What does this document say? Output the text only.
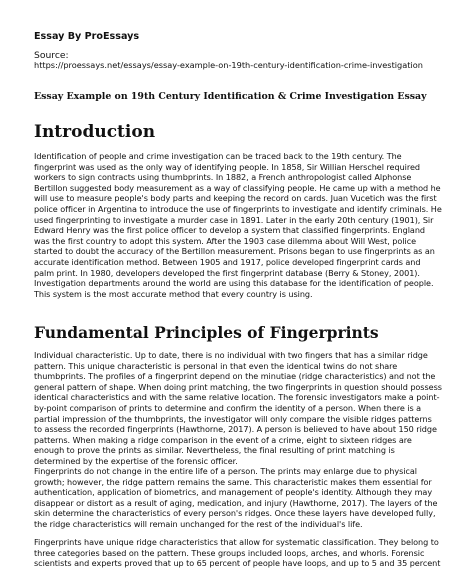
Essay By ProEssays

Source:

https://proessays.net/essays/essay-example-on-19th-century-identification-crime-investigation

Essay Example on 19th Century Identification & Crime Investigation Essay

Introduction

Identification of people and crime investigation can be traced back to the 19th century. The fingerprint was used as the only way of identifying people. In 1858, Sir Willian Herschel required workers to sign contracts using thumbprints. In 1882, a French anthropologist called Alphonse Bertillon suggested body measurement as a way of classifying people. He came up with a method he will use to measure people's body parts and keeping the record on cards. Juan Vucetich was the first police officer in Argentina to introduce the use of fingerprints to investigate and identify criminals. He used fingerprinting to investigate a murder case in 1891. Later in the early 20th century (1901), Sir Edward Henry was the first police officer to develop a system that classified fingerprints. England was the first country to adopt this system. After the 1903 case dilemma about Will West, police started to doubt the accuracy of the Bertillon measurement. Prisons began to use fingerprints as an accurate identification method. Between 1905 and 1917, police developed fingerprint cards and palm print. In 1980, developers developed the first fingerprint database (Berry & Stoney, 2001). Investigation departments around the world are using this database for the identification of people. This system is the most accurate method that every country is using.

Fundamental Principles of Fingerprints

Individual characteristic. Up to date, there is no individual with two fingers that has a similar ridge pattern. This unique characteristic is personal in that even the identical twins do not share thumbprints. The profiles of a fingerprint depend on the minutiae (ridge characteristics) and not the general pattern of shape. When doing print matching, the two fingerprints in question should possess identical characteristics and with the same relative location. The forensic investigators make a point-by-point comparison of prints to determine and confirm the identity of a person. When there is a partial impression of the thumbprints, the investigator will only compare the visible ridges patterns to assess the recorded fingerprints (Hawthorne, 2017). A person is believed to have about 150 ridge patterns. When making a ridge comparison in the event of a crime, eight to sixteen ridges are enough to prove the prints as similar. Nevertheless, the final resulting of print matching is determined by the expertise of the forensic officer.

Fingerprints do not change in the entire life of a person. The prints may enlarge due to physical growth; however, the ridge pattern remains the same. This characteristic makes them essential for authentication, application of biometrics, and management of people's identity. Although they may disappear or distort as a result of aging, medication, and injury (Hawthorne, 2017). The layers of the skin determine the characteristics of every person's ridges. Once these layers have developed fully, the ridge characteristics will remain unchanged for the rest of the individual's life.

Fingerprints have unique ridge characteristics that allow for systematic classification. They belong to three categories based on the pattern. These groups included loops, arches, and whorls. Forensic scientists and experts proved that up to 65 percent of people have loops, and up to 5 and 35 percent
